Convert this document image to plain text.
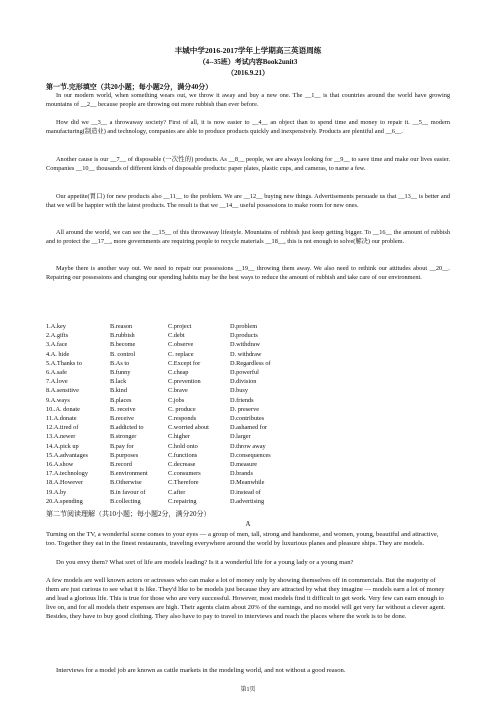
丰城中学2016-2017学年上学期高三英语周练
（4--35班）考试内容Book2unit3
（2016.9.21）
第一节.完形填空（共20小题；每小题2分，满分40分）

In our modern world, when something wears out, we throw it away and buy a new one. The __1__ is that countries around the world have growing mountains of __2__ because people are throwing out more rubbish than ever before.

How did we __3__ a throwaway society? First of all, it is now easier to __4__ an object than to spend time and money to repair it. __5__ modern manufacturing(制造业) and technology, companies are able to produce products quickly and inexpensively. Products are plentiful and __6__.

Another cause is our __7__ of disposable (一次性的) products. As __8__ people, we are always looking for __9__ to save time and make our lives easier. Companies __10__ thousands of different kinds of disposable products: paper plates, plastic cups, and cameras, to name a few.

Our appetite(胃口) for new products also __11__ to the problem. We are __12__ buying new things. Advertisements persuade us that __13__ is better and that we will be happier with the latest products. The result is that we __14__ useful possessions to make room for new ones.

All around the world, we can see the __15__ of this throwaway lifestyle. Mountains of rubbish just keep getting bigger. To __16__ the amount of rubbish and to protect the __17__, more governments are requiring people to recycle materials __18__, this is not enough to solve(解决) our problem.

Maybe there is another way out. We need to repair our possessions __19__ throwing them away. We also need to rethink our attitudes about __20__. Repairing our possessions and changing our spending habits may be the best ways to reduce the amount of rubbish and take care of our environment.

1.A.key	B.reason	C.project	D.problem
2.A.gifts	B.rubbish	C.debt	D.products
3.A.face	B.become	C.observe	D.withdraw
4.A. hide	B. control	C. replace	D. withdraw
5.A.Thanks to	B.As to	C.Except for	D.Regardless of
6.A.safe	B.funny	C.cheap	D.powerful
7.A.love	B.lack	C.prevention	D.division
8.A.sensitive	B.kind	C.brave	D.busy
9.A.ways	B.places	C.jobs	D.friends
10..A. donate	B. receive	C. produce	D. preserve
11.A.donate	B.receive	C.responds	D.contributes
12.A.tired of	B.addicted to	C.worried about	D.ashamed for
13.A.newer	B.stronger	C.higher	D.larger
14.A.pick up	B.pay for	C.hold onto	D.throw away
15.A.advantages	B.purposes	C.functions	D.consequences
16.A.show	B.record	C.decrease	D.measure
17.A.technology	B.environment	C.consumers	D.brands
18.A.However	B.Otherwise	C.Therefore	D.Meanwhile
19.A.by	B.in favour of	C.after	D.instead of
20.A.spending	B.collecting	C.repairing	D.advertising
第二节阅读理解（共10小题；每小题2分，满分20分）
A

Turning on the TV, a wonderful scene comes to your eyes — a group of men, tall, strong and handsome, and women, young, beautiful and attractive, too. Together they eat in the finest restaurants, traveling everywhere around the world by luxurious planes and pleasure ships. They are models.

Do you envy them? What sort of life are models leading? Is it a wonderful life for a young lady or a young man?

A few models are well known actors or actresses who can make a lot of money only by showing themselves off in commercials. But the majority of them are just curious to see what it is like. They'd like to be models just because they are attracted by what they imagine — models earn a lot of money and lead a glorious life. This is true for those who are very successful. However, most models find it difficult to get work. Very few can earn enough to live on, and for all models their expenses are high. Their agents claim about 20% of the earnings, and no model will get very far without a clever agent. Besides, they have to buy good clothing. They also have to pay to travel to interviews and reach the places where the work is to be done.

Interviews for a model job are known as cattle markets in the modeling world, and not without a good reason.

第1页
